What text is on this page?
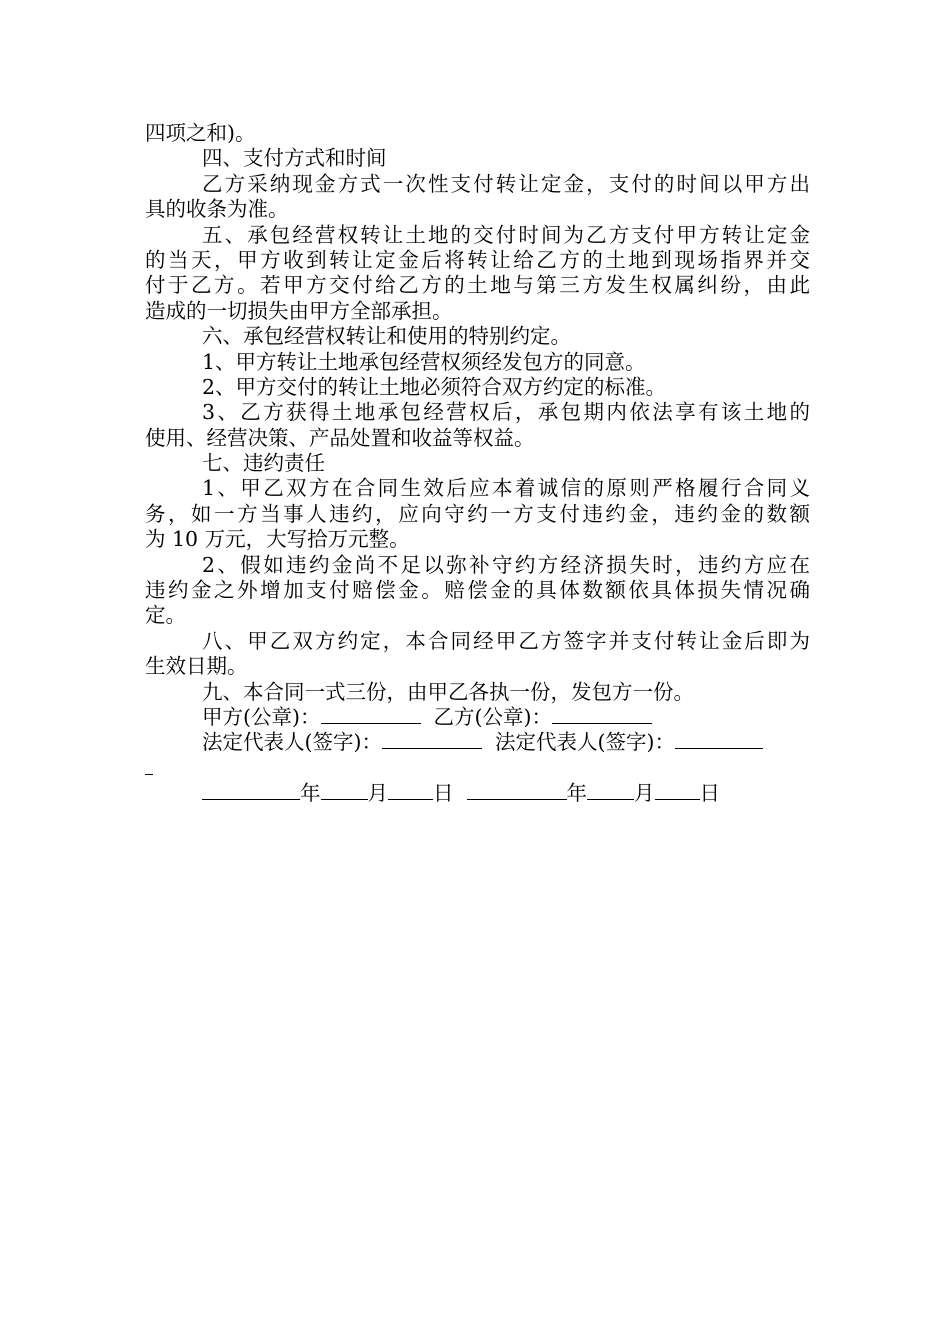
四项之和)。
四、支付方式和时间
乙方采纳现金方式一次性支付转让定金，支付的时间以甲方出
具的收条为准。
五、承包经营权转让土地的交付时间为乙方支付甲方转让定金
的当天，甲方收到转让定金后将转让给乙方的土地到现场指界并交
付于乙方。若甲方交付给乙方的土地与第三方发生权属纠纷，由此
造成的一切损失由甲方全部承担。
六、承包经营权转让和使用的特别约定。
1、甲方转让土地承包经营权须经发包方的同意。
2、甲方交付的转让土地必须符合双方约定的标准。
3、乙方获得土地承包经营权后，承包期内依法享有该土地的
使用、经营决策、产品处置和收益等权益。
七、违约责任
1、甲乙双方在合同生效后应本着诚信的原则严格履行合同义
务，如一方当事人违约，应向守约一方支付违约金，违约金的数额
为 10 万元，大写拾万元整。
2、假如违约金尚不足以弥补守约方经济损失时，违约方应在
违约金之外增加支付赔偿金。赔偿金的具体数额依具体损失情况确
定。
八、甲乙双方约定，本合同经甲乙方签字并支付转让金后即为
生效日期。
九、本合同一式三份，由甲乙各执一份，发包方一份。
甲方(公章)：	乙方(公章)：
法定代表人(签字)：	法定代表人(签字)：
年 月 日	年 月 日
